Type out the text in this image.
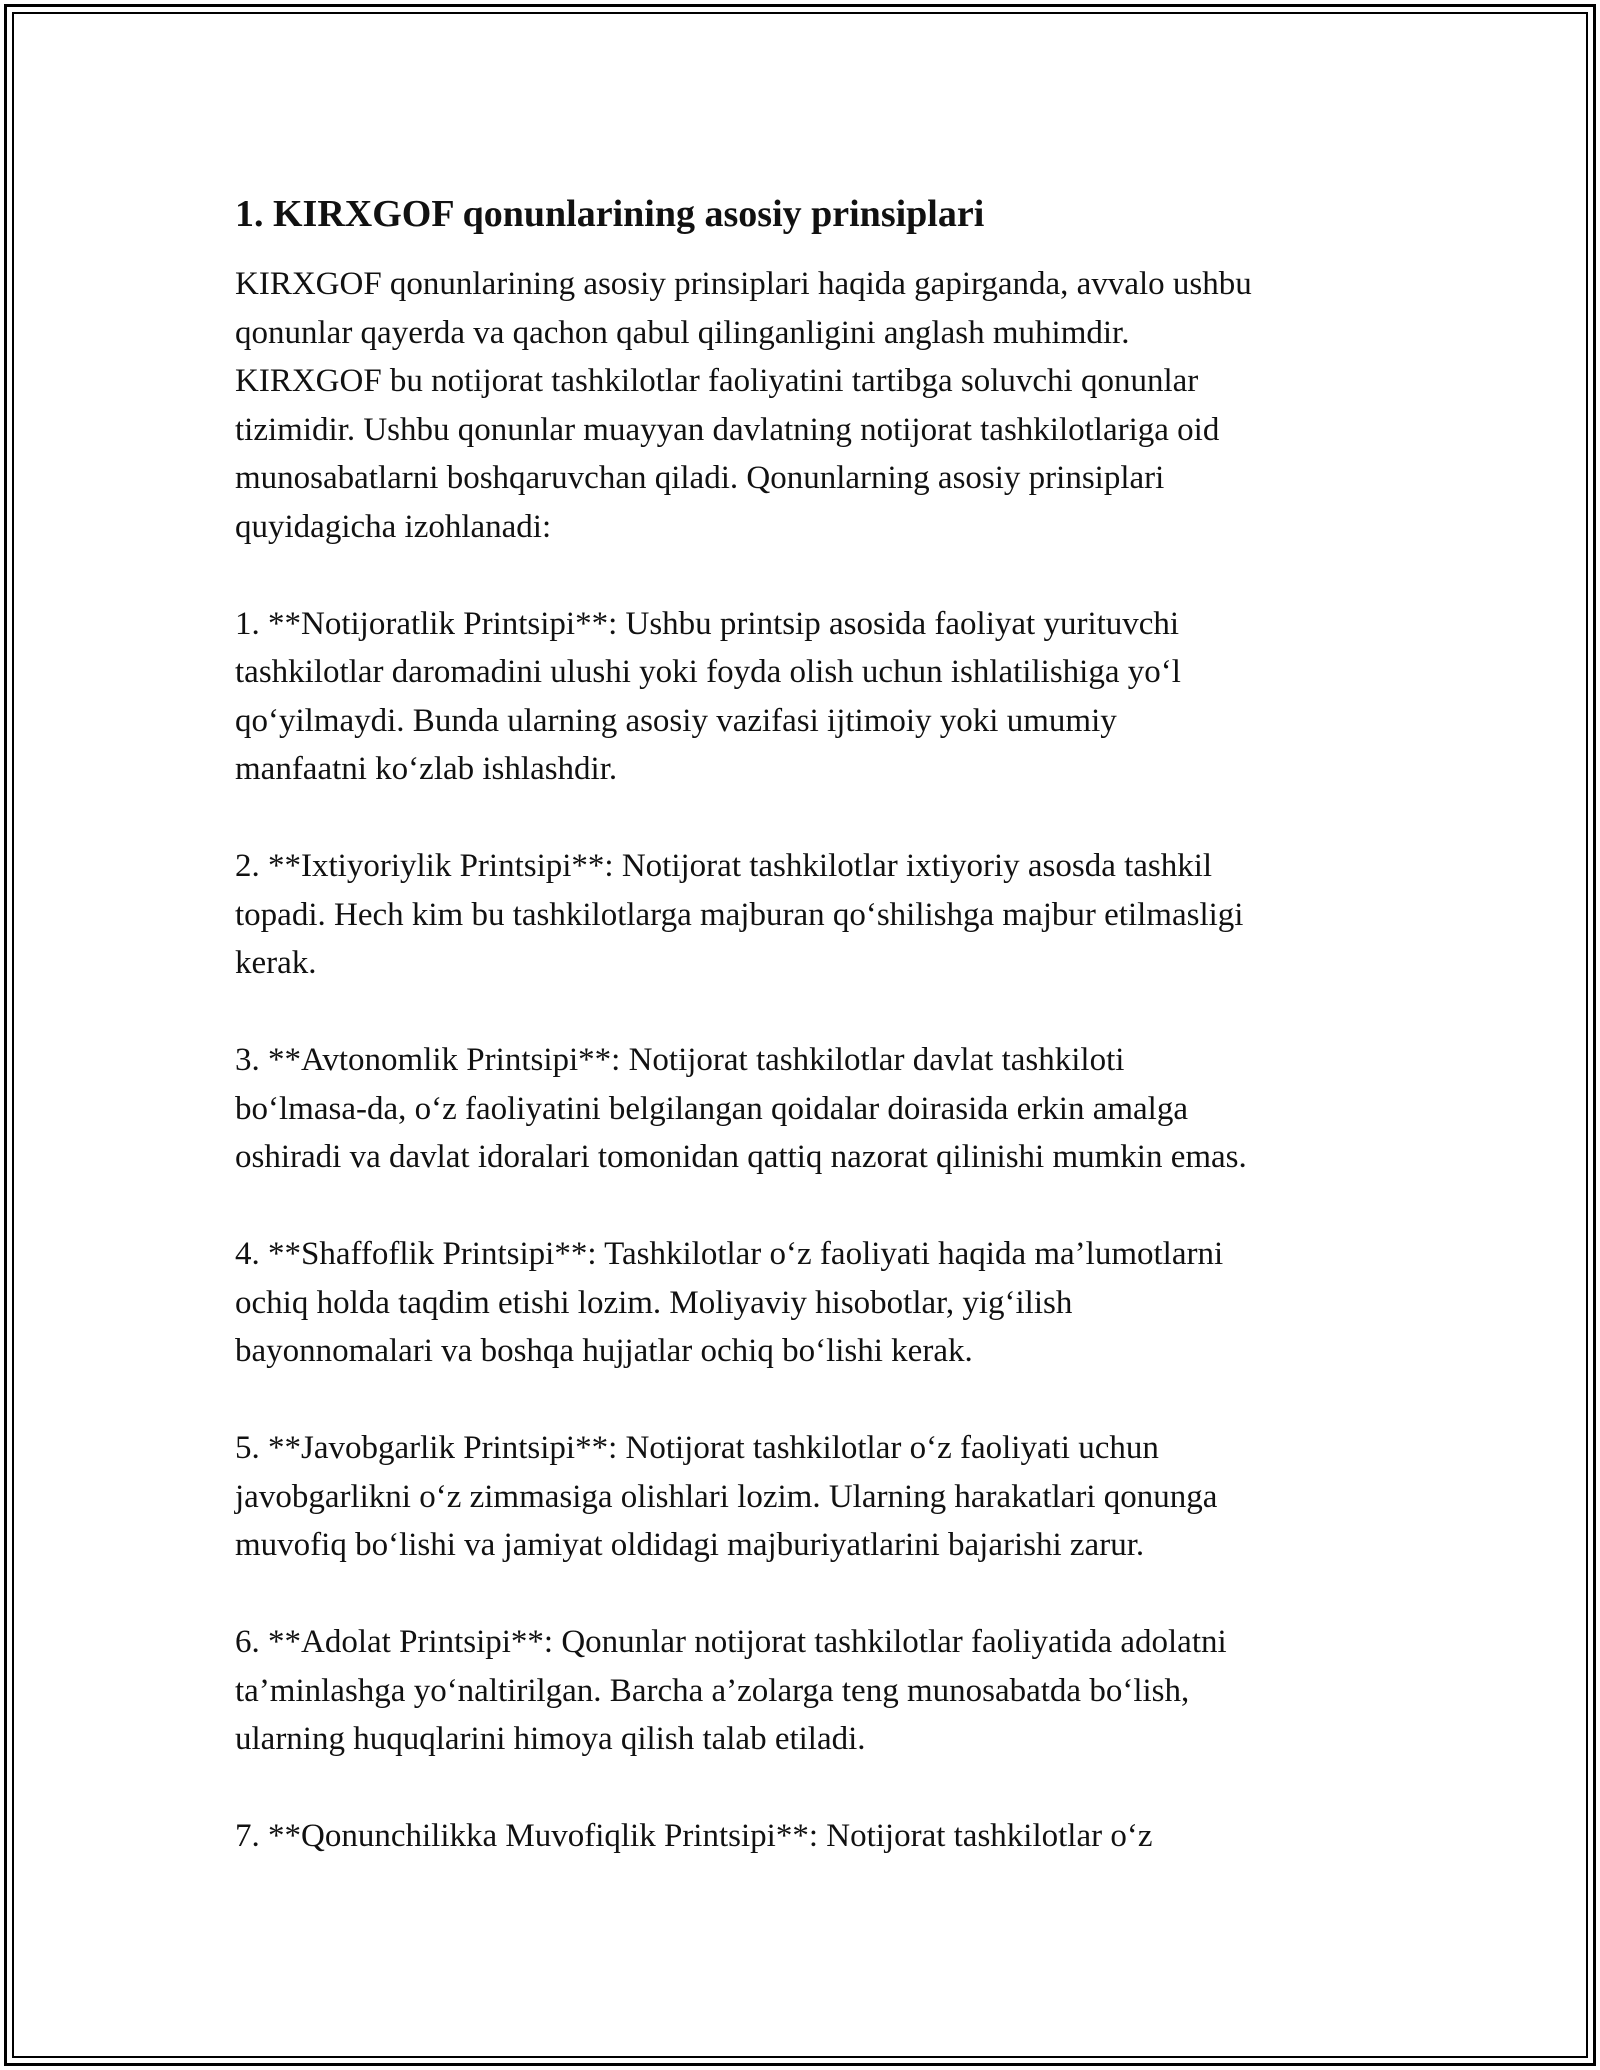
1. KIRXGOF qonunlarining asosiy prinsiplari

KIRXGOF qonunlarining asosiy prinsiplari haqida gapirganda, avvalo ushbu
qonunlar qayerda va qachon qabul qilinganligini anglash muhimdir.
KIRXGOF bu notijorat tashkilotlar faoliyatini tartibga soluvchi qonunlar
tizimidir. Ushbu qonunlar muayyan davlatning notijorat tashkilotlariga oid
munosabatlarni boshqaruvchan qiladi. Qonunlarning asosiy prinsiplari
quyidagicha izohlanadi:

1. **Notijoratlik Printsipi**: Ushbu printsip asosida faoliyat yurituvchi
tashkilotlar daromadini ulushi yoki foyda olish uchun ishlatilishiga yo‘l
qo‘yilmaydi. Bunda ularning asosiy vazifasi ijtimoiy yoki umumiy
manfaatni ko‘zlab ishlashdir.

2. **Ixtiyoriylik Printsipi**: Notijorat tashkilotlar ixtiyoriy asosda tashkil
topadi. Hech kim bu tashkilotlarga majburan qo‘shilishga majbur etilmasligi
kerak.

3. **Avtonomlik Printsipi**: Notijorat tashkilotlar davlat tashkiloti
bo‘lmasa-da, o‘z faoliyatini belgilangan qoidalar doirasida erkin amalga
oshiradi va davlat idoralari tomonidan qattiq nazorat qilinishi mumkin emas.

4. **Shaffoflik Printsipi**: Tashkilotlar o‘z faoliyati haqida ma’lumotlarni
ochiq holda taqdim etishi lozim. Moliyaviy hisobotlar, yig‘ilish
bayonnomalari va boshqa hujjatlar ochiq bo‘lishi kerak.

5. **Javobgarlik Printsipi**: Notijorat tashkilotlar o‘z faoliyati uchun
javobgarlikni o‘z zimmasiga olishlari lozim. Ularning harakatlari qonunga
muvofiq bo‘lishi va jamiyat oldidagi majburiyatlarini bajarishi zarur.

6. **Adolat Printsipi**: Qonunlar notijorat tashkilotlar faoliyatida adolatni
ta’minlashga yo‘naltirilgan. Barcha a’zolarga teng munosabatda bo‘lish,
ularning huquqlarini himoya qilish talab etiladi.

7. **Qonunchilikka Muvofiqlik Printsipi**: Notijorat tashkilotlar o‘z
